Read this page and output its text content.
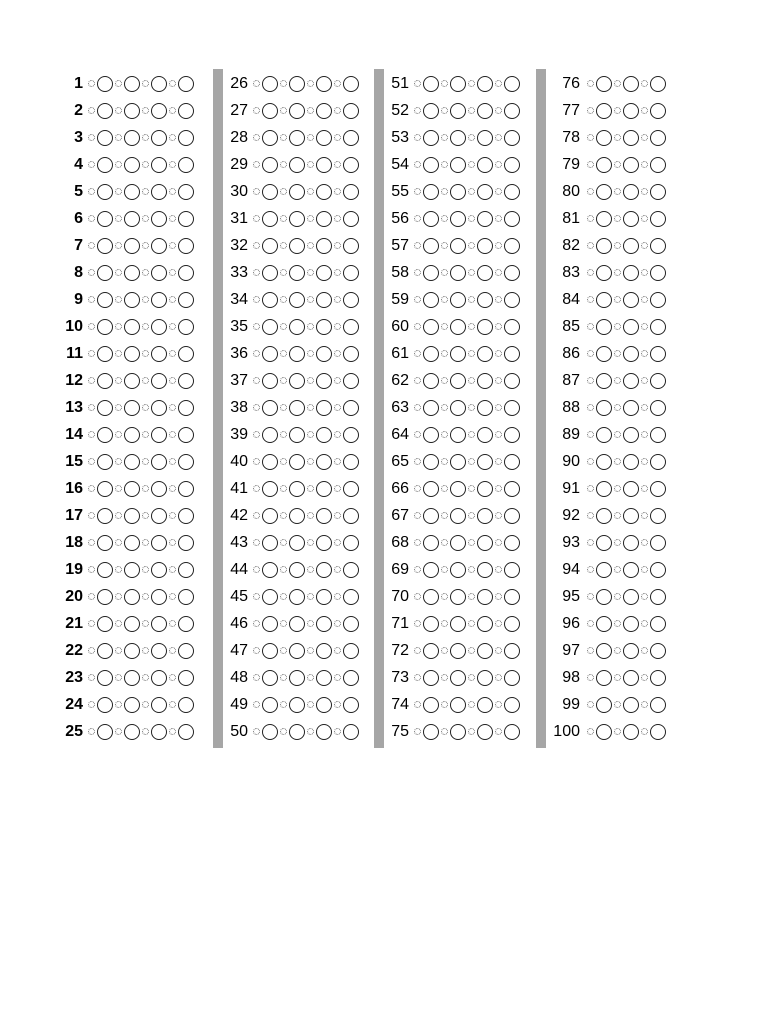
1
2
3
4
5
6
7
8
9
10
11
12
13
14
15
16
17
18
19
20
21
22
23
24
25
26
27
28
29
30
31
32
33
34
35
36
37
38
39
40
41
42
43
44
45
46
47
48
49
50
51
52
53
54
55
56
57
58
59
60
61
62
63
64
65
66
67
68
69
70
71
72
73
74
75
76
77
78
79
80
81
82
83
84
85
86
87
88
89
90
91
92
93
94
95
96
97
98
99
100
